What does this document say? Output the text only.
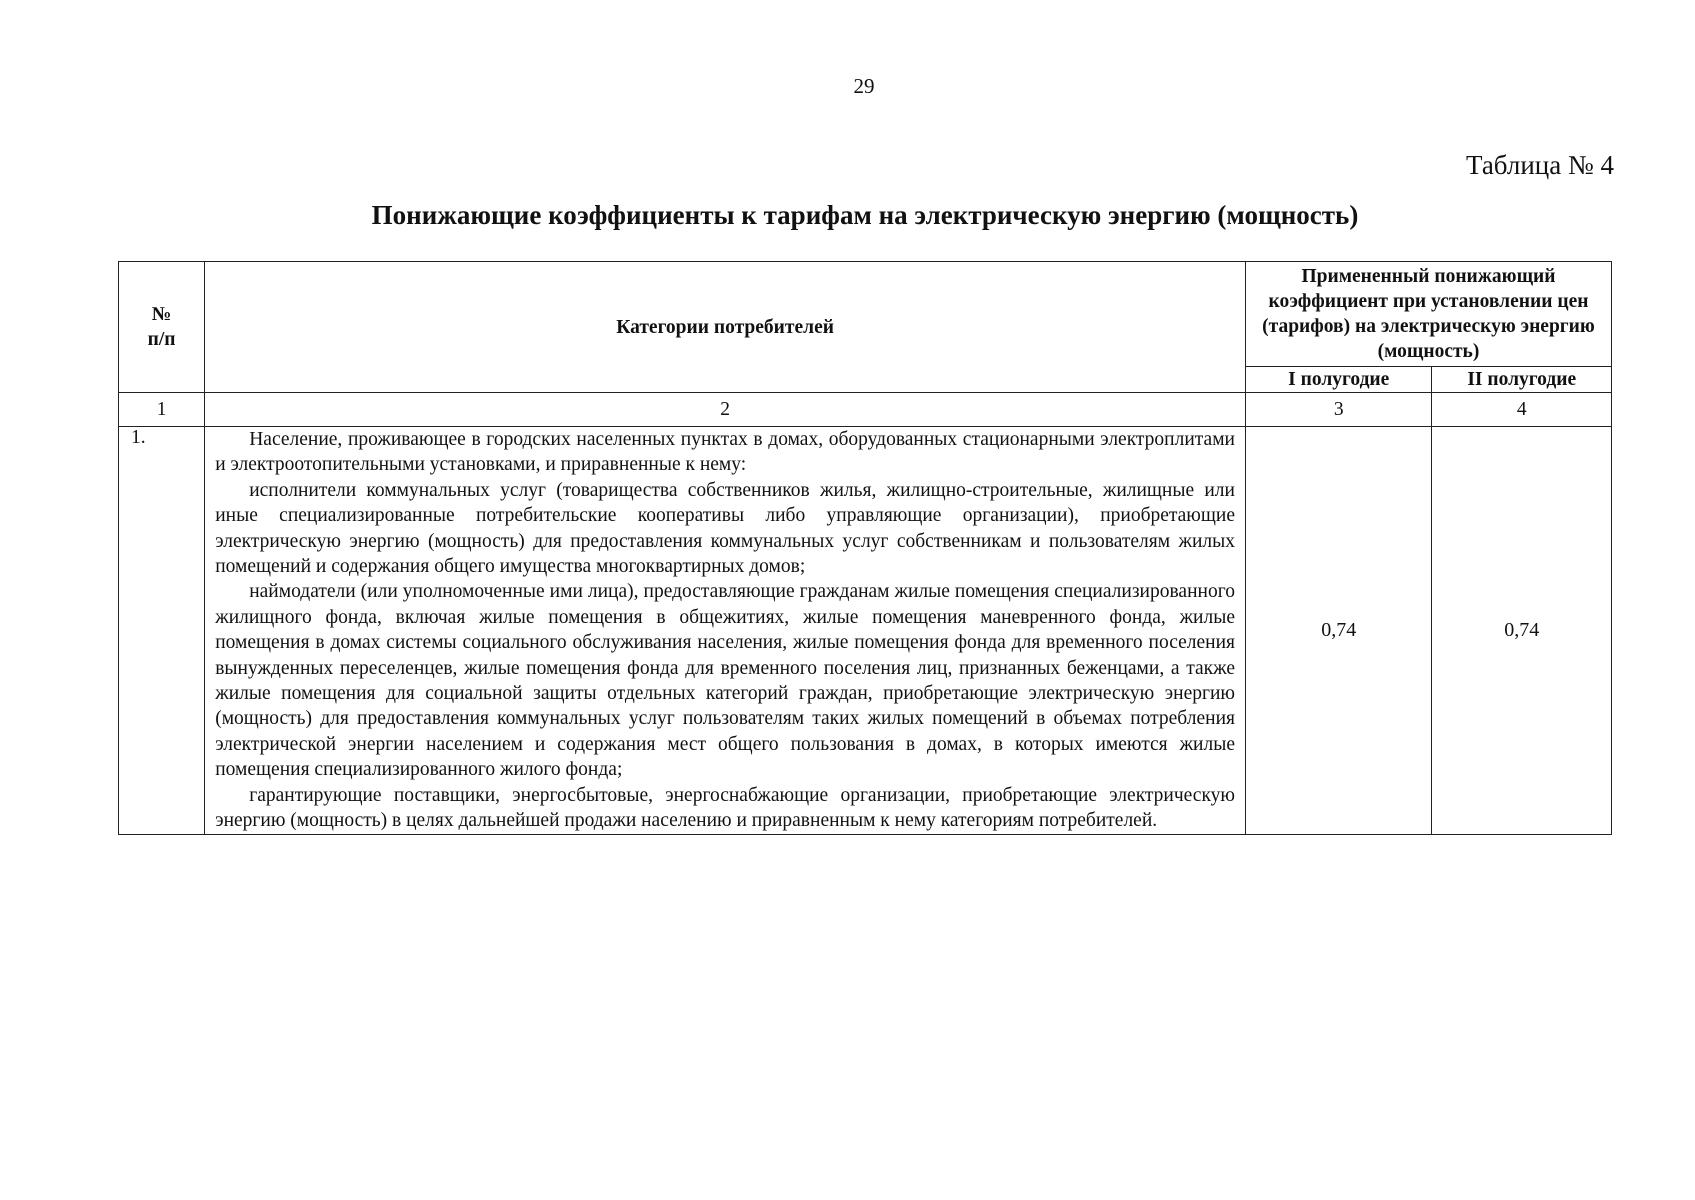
29
Таблица № 4
Понижающие коэффициенты к тарифам на электрическую энергию (мощность)
№
п/п	Категории потребителей	Примененный понижающий коэффициент при установлении цен (тарифов) на электрическую энергию (мощность)	
		I полугодие	II полугодие
1	2	3	4
1.	Население, проживающее в городских населенных пунктах в домах, оборудованных стационарными электроплитами и электроотопительными установками, и приравненные к нему:

исполнители коммунальных услуг (товарищества собственников жилья, жилищно-строительные, жилищные или иные специализированные потребительские кооперативы либо управляющие организации), приобретающие электрическую энергию (мощность) для предоставления коммунальных услуг собственникам и пользователям жилых помещений и содержания общего имущества многоквартирных домов;

наймодатели (или уполномоченные ими лица), предоставляющие гражданам жилые помещения специализированного жилищного фонда, включая жилые помещения в общежитиях, жилые помещения маневренного фонда, жилые помещения в домах системы социального обслуживания населения, жилые помещения фонда для временного поселения вынужденных переселенцев, жилые помещения фонда для временного поселения лиц, признанных беженцами, а также жилые помещения для социальной защиты отдельных категорий граждан, приобретающие электрическую энергию (мощность) для предоставления коммунальных услуг пользователям таких жилых помещений в объемах потребления электрической энергии населением и содержания мест общего пользования в домах, в которых имеются жилые помещения специализированного жилого фонда;

гарантирующие поставщики, энергосбытовые, энергоснабжающие организации, приобретающие электрическую энергию (мощность) в целях дальнейшей продажи населению и приравненным к нему категориям потребителей.	0,74	0,74
